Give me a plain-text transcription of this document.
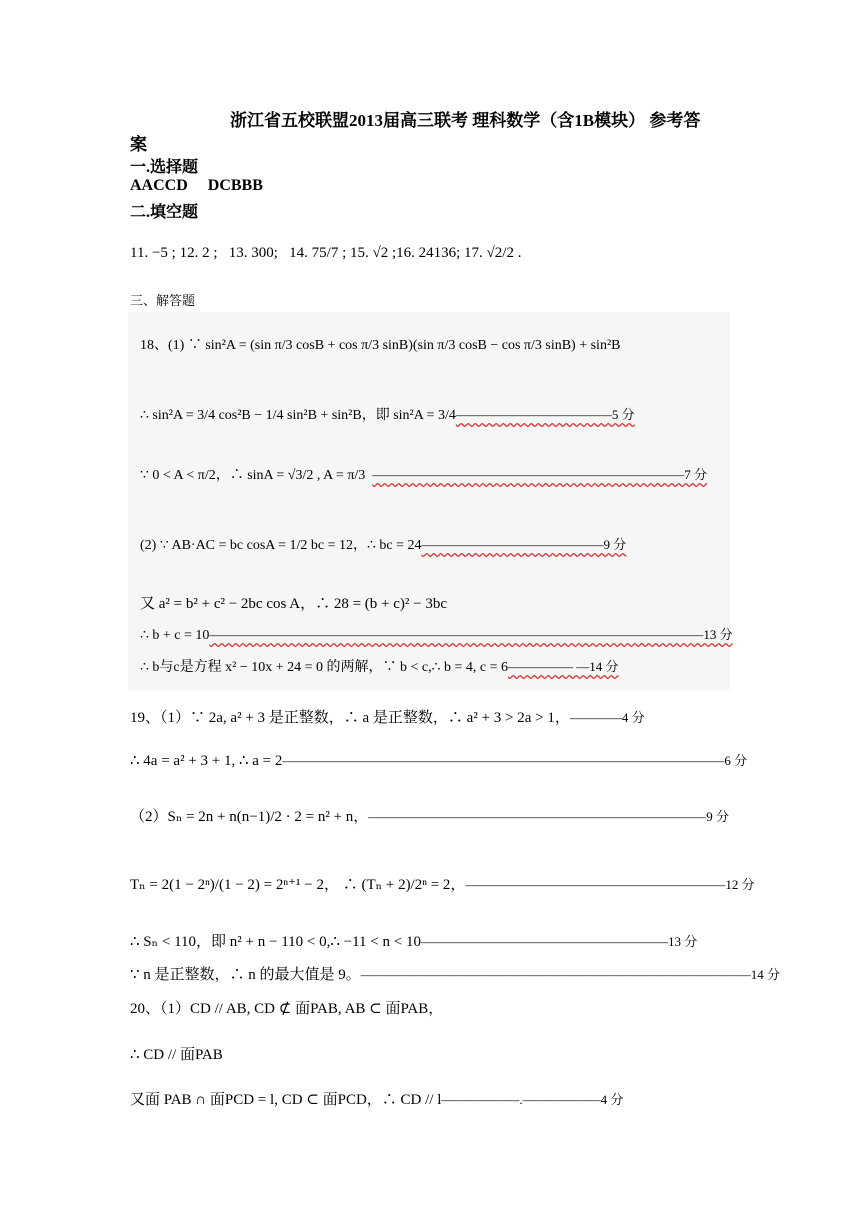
浙江省五校联盟2013届高三联考 理科数学（含1B模块） 参考答
案
一.选择题
AACCD     DCBBB
二.填空题
11. −5 ; 12. 2 ;   13. 300;   14. 75/7 ; 15. √2 ;16. 24136; 17. √2/2 .
三、解答题
18、(1) ∵ sin²A = (sin π/3 cosB + cos π/3 sinB)(sin π/3 cosB − cos π/3 sinB) + sin²B
∴ sin²A = 3/4 cos²B − 1/4 sin²B + sin²B，即 sin²A = 3/4————————————5 分
∵ 0 < A < π/2，∴ sinA = √3/2 , A = π/3 ————————————————————————7 分
(2) ∵ AB·AC = bc cosA = 1/2 bc = 12，∴ bc = 24——————————————9 分
又 a² = b² + c² − 2bc cos A，∴ 28 = (b + c)² − 3bc
∴ b + c = 10——————————————————————————————————————13 分
∴ b与c是方程 x² − 10x + 24 = 0 的两解，∵ b < c,∴ b = 4, c = 6————— —14 分
19、（1）∵ 2a, a² + 3 是正整数，∴ a 是正整数，∴ a² + 3 > 2a > 1，————4 分
∴ 4a = a² + 3 + 1, ∴ a = 2——————————————————————————————————6 分
（2）Sₙ = 2n + n(n−1)/2 · 2 = n² + n，——————————————————————————9 分
Tₙ = 2(1 − 2ⁿ)/(1 − 2) = 2ⁿ⁺¹ − 2， ∴ (Tₙ + 2)/2ⁿ = 2，————————————————————12 分
∴ Sₙ < 110，即 n² + n − 110 < 0,∴ −11 < n < 10———————————————————13 分
∵ n 是正整数，∴ n 的最大值是 9。——————————————————————————————14 分
20、（1）CD // AB, CD ⊄ 面PAB, AB ⊂ 面PAB，
∴ CD // 面PAB
又面 PAB ∩ 面PCD = l, CD ⊂ 面PCD，∴ CD // l——————.——————4 分
